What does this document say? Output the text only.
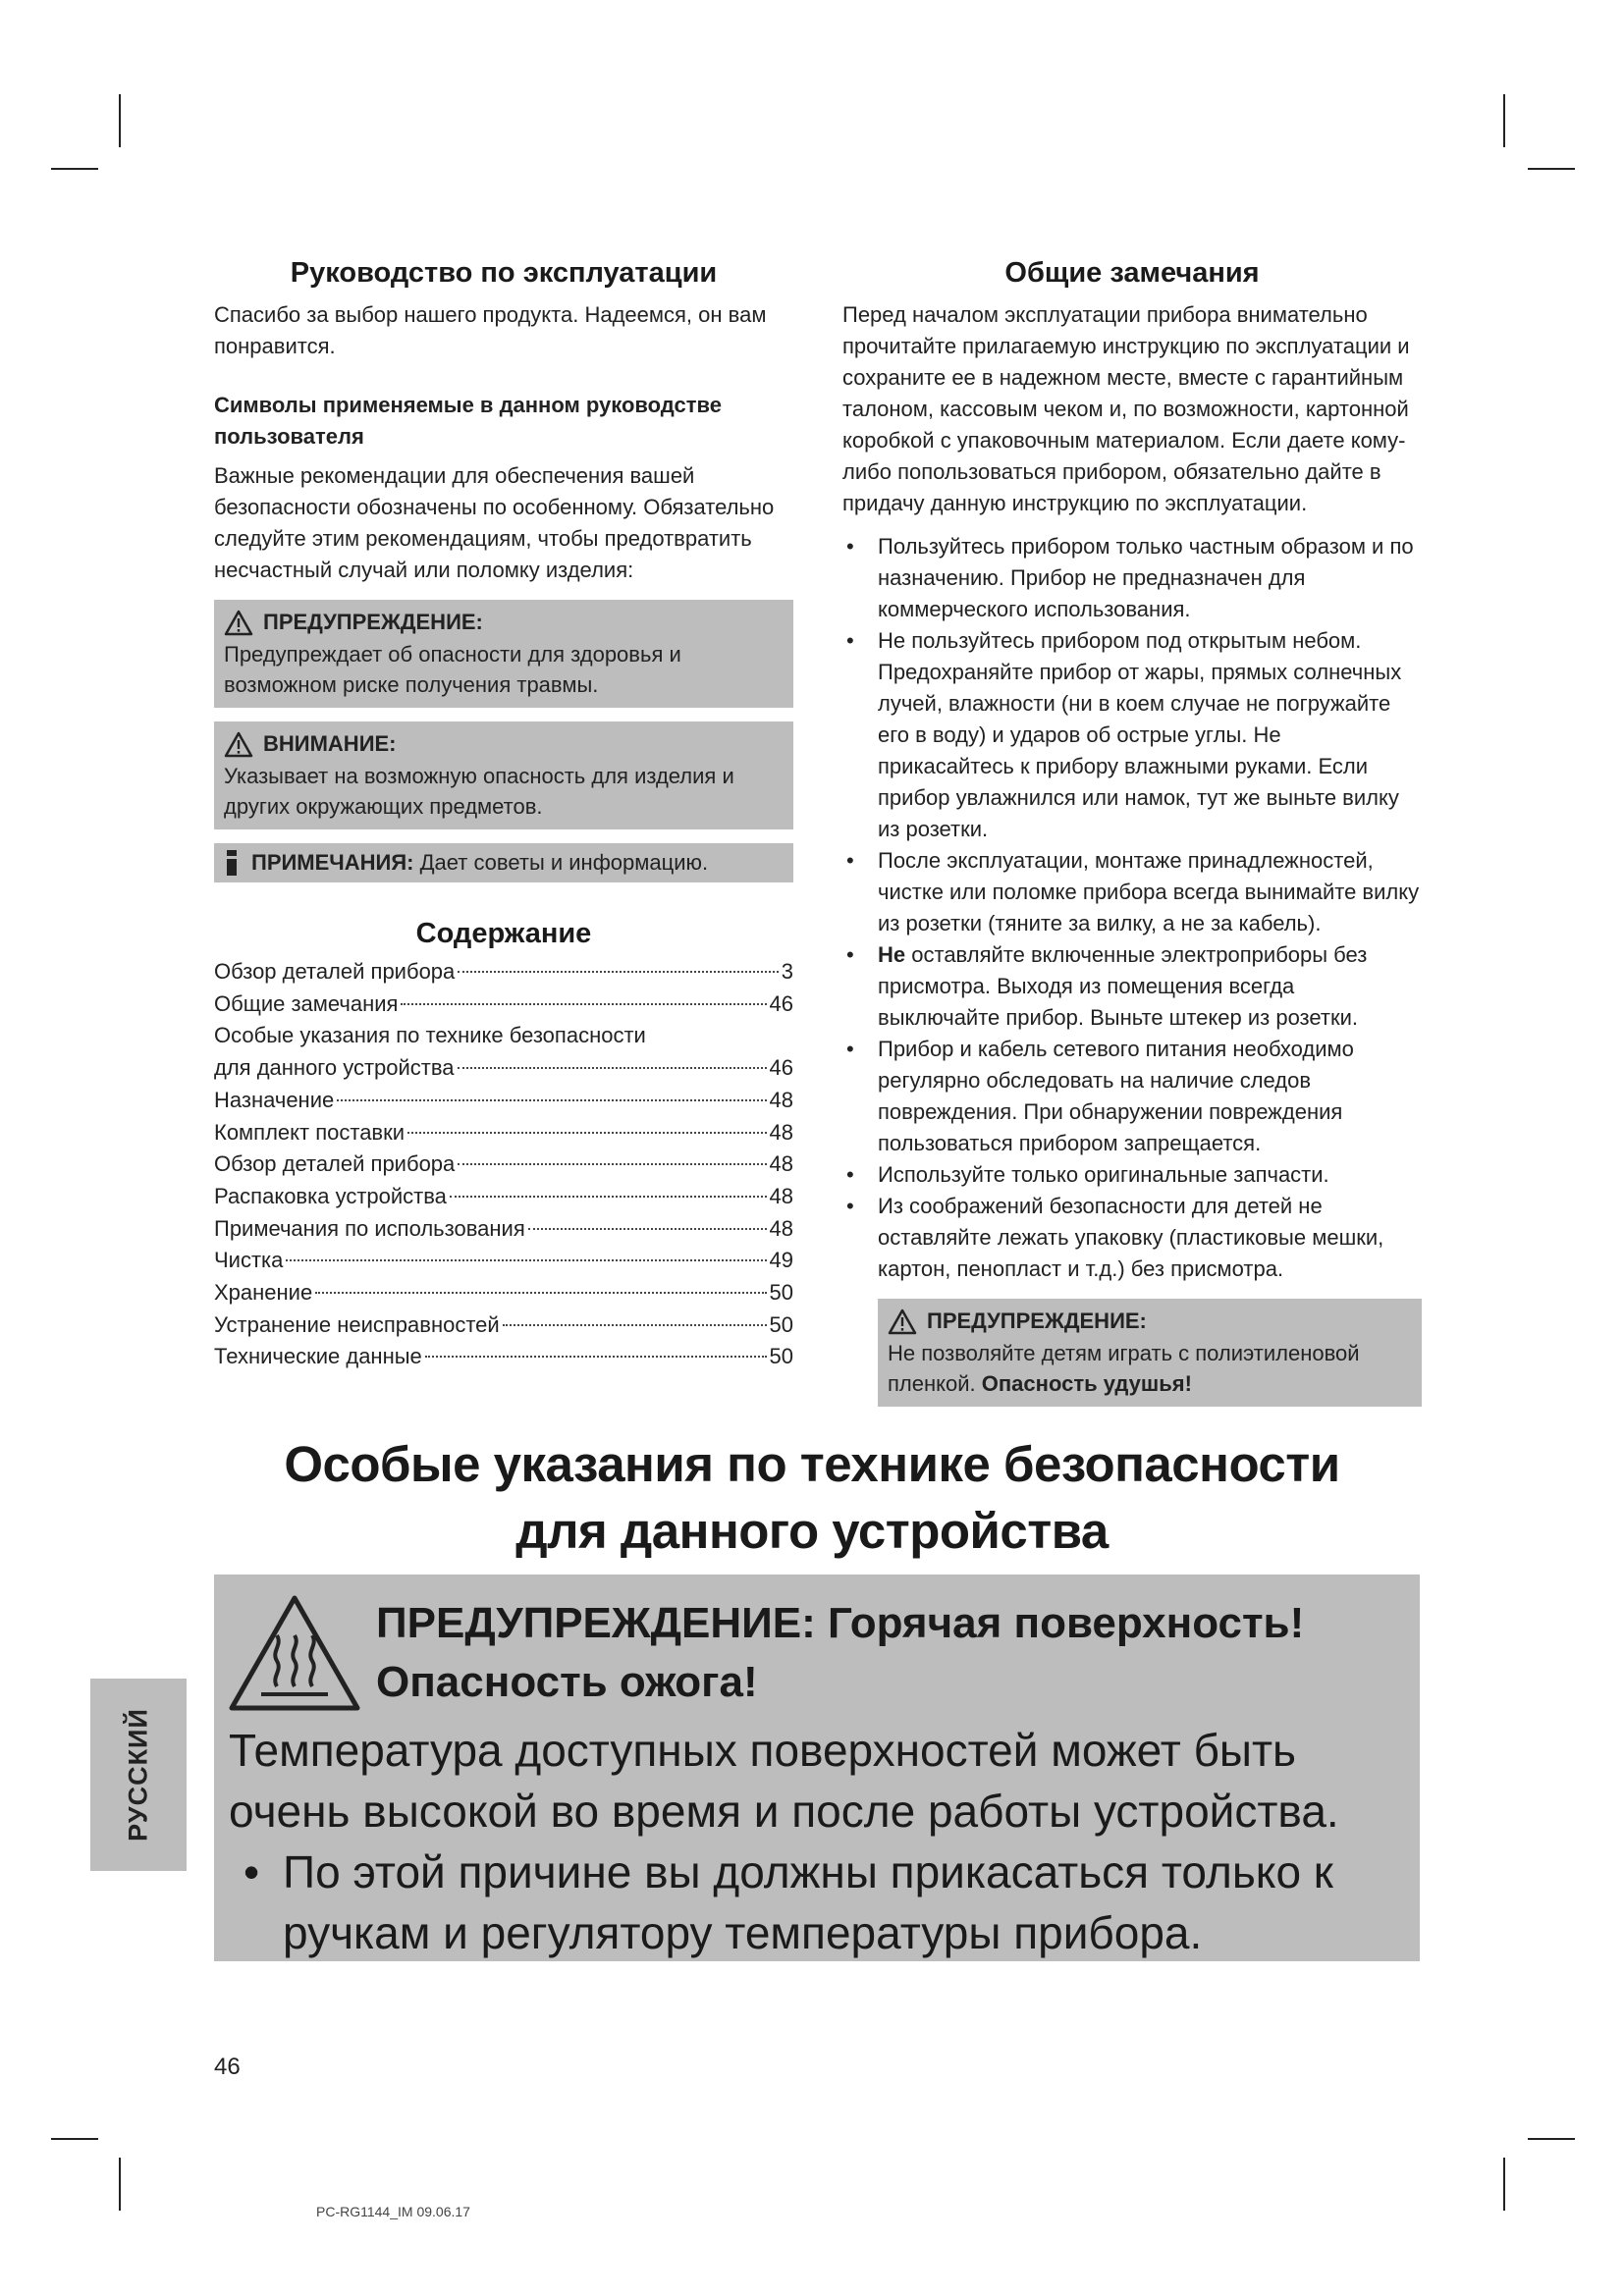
Руководство по эксплуатации

Спасибо за выбор нашего продукта. Надеемся, он вам понравится.

Символы применяемые в данном руководстве пользователя

Важные рекомендации для обеспечения вашей безопасности обозначены по особенному. Обязательно следуйте этим рекомендациям, чтобы предотвратить несчастный случай или поломку изделия:

ПРЕДУПРЕЖДЕНИЕ:
Предупреждает об опасности для здоровья и возможном риске получения травмы.
ВНИМАНИЕ:
Указывает на возможную опасность для изделия и других окружающих предметов.
ПРИМЕЧАНИЯ: Дает советы и информацию.
Содержание
Обзор деталей прибора	3
Общие замечания	46
Особые указания по технике безопасности
для данного устройства	46
Назначение	48
Комплект поставки	48
Обзор деталей прибора	48
Распаковка устройства	48
Примечания по использования	48
Чистка	49
Хранение	50
Устранение неисправностей	50
Технические данные	50
Общие замечания

Перед началом эксплуатации прибора внимательно прочитайте прилагаемую инструкцию по эксплуатации и сохраните ее в надежном месте, вместе с гарантийным талоном, кассовым чеком и, по возможности, картонной коробкой с упаковочным материалом. Если даете кому-либо попользоваться прибором, обязательно дайте в придачу данную инструкцию по эксплуатации.

• Пользуйтесь прибором только частным образом и по назначению. Прибор не предназначен для коммерческого использования.
• Не пользуйтесь прибором под открытым небом. Предохраняйте прибор от жары, прямых солнечных лучей, влажности (ни в коем случае не погружайте его в воду) и ударов об острые углы. Не прикасайтесь к прибору влажными руками. Если прибор увлажнился или намок, тут же выньте вилку из розетки.
• После эксплуатации, монтаже принадлежностей, чистке или поломке прибора всегда вынимайте вилку из розетки (тяните за вилку, а не за кабель).
• Не оставляйте включенные электроприборы без присмотра. Выходя из помещения всегда выключайте прибор. Выньте штекер из розетки.
• Прибор и кабель сетевого питания необходимо регулярно обследовать на наличие следов повреждения. При обнаружении повреждения пользоваться прибором запрещается.
• Используйте только оригинальные запчасти.
• Из соображений безопасности для детей не оставляйте лежать упаковку (пластиковые мешки, картон, пенопласт и т.д.) без присмотра.
ПРЕДУПРЕЖДЕНИЕ:
Не позволяйте детям играть с полиэтиленовой пленкой. Опасность удушья!
Особые указания по технике безопасности
для данного устройства
ПРЕДУПРЕЖДЕНИЕ: Горячая поверхность!
Опасность ожога!
Температура доступных поверхностей может быть очень высокой во время и после работы устройства.
• По этой причине вы должны прикасаться только к ручкам и регулятору температуры прибора.
РУССКИЙ
46
PC-RG1144_IM 09.06.17
